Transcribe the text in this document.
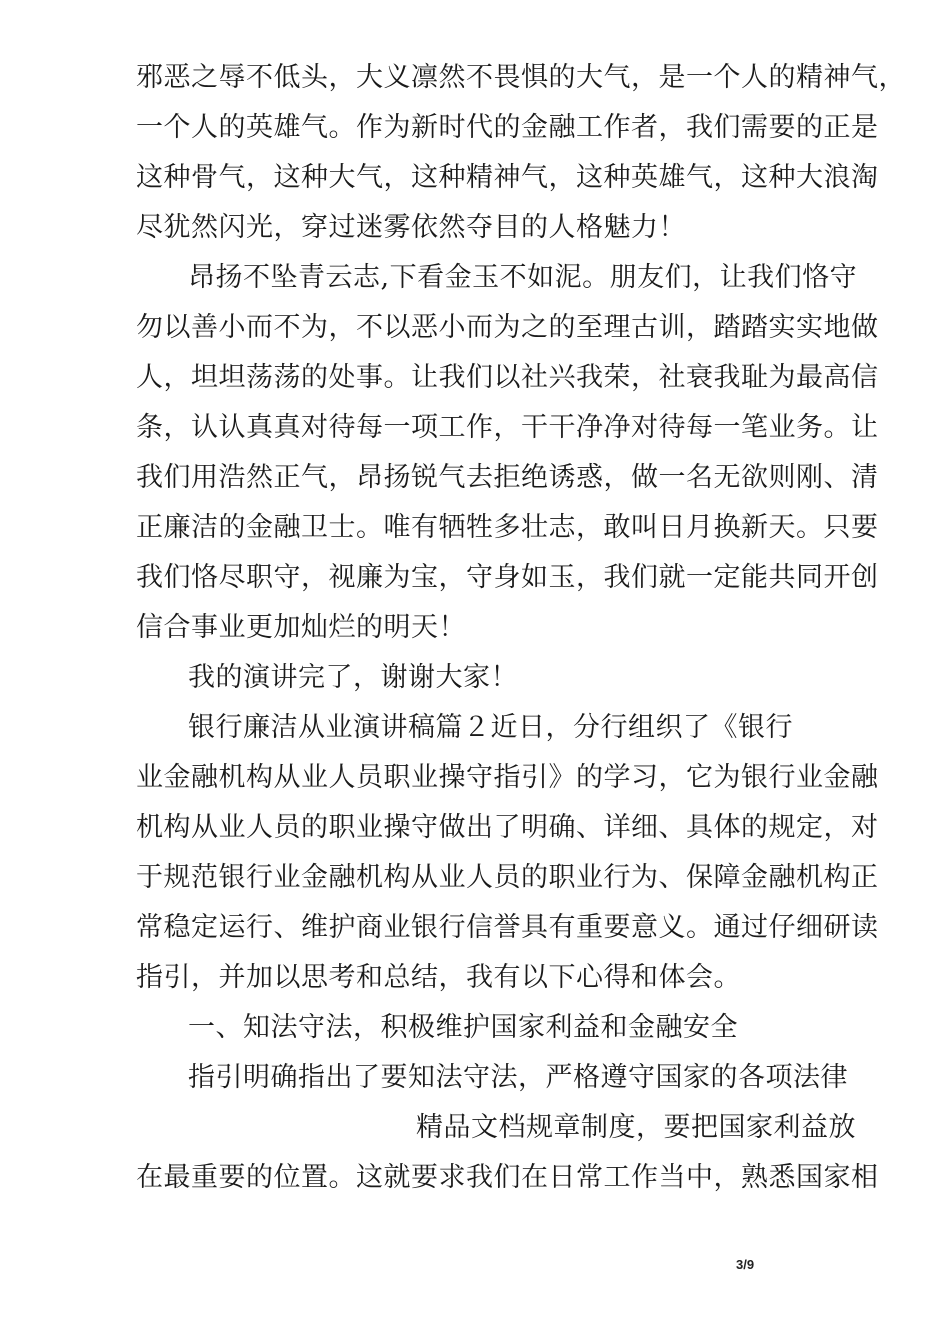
邪恶之辱不低头，大义凛然不畏惧的大气，是一个人的精神气，
一个人的英雄气。作为新时代的金融工作者，我们需要的正是
这种骨气，这种大气，这种精神气，这种英雄气，这种大浪淘
尽犹然闪光，穿过迷雾依然夺目的人格魅力！
昂扬不坠青云志,下看金玉不如泥。朋友们，让我们恪守
勿以善小而不为，不以恶小而为之的至理古训，踏踏实实地做
人，坦坦荡荡的处事。让我们以社兴我荣，社衰我耻为最高信
条，认认真真对待每一项工作，干干净净对待每一笔业务。让
我们用浩然正气，昂扬锐气去拒绝诱惑，做一名无欲则刚、清
正廉洁的金融卫士。唯有牺牲多壮志，敢叫日月换新天。只要
我们恪尽职守，视廉为宝，守身如玉，我们就一定能共同开创
信合事业更加灿烂的明天！
我的演讲完了，谢谢大家！
银行廉洁从业演讲稿篇２近日，分行组织了《银行
业金融机构从业人员职业操守指引》的学习，它为银行业金融
机构从业人员的职业操守做出了明确、详细、具体的规定，对
于规范银行业金融机构从业人员的职业行为、保障金融机构正
常稳定运行、维护商业银行信誉具有重要意义。通过仔细研读
指引，并加以思考和总结，我有以下心得和体会。
一、知法守法，积极维护国家利益和金融安全
指引明确指出了要知法守法，严格遵守国家的各项法律
精品文档规章制度，要把国家利益放
在最重要的位置。这就要求我们在日常工作当中，熟悉国家相
3/9
